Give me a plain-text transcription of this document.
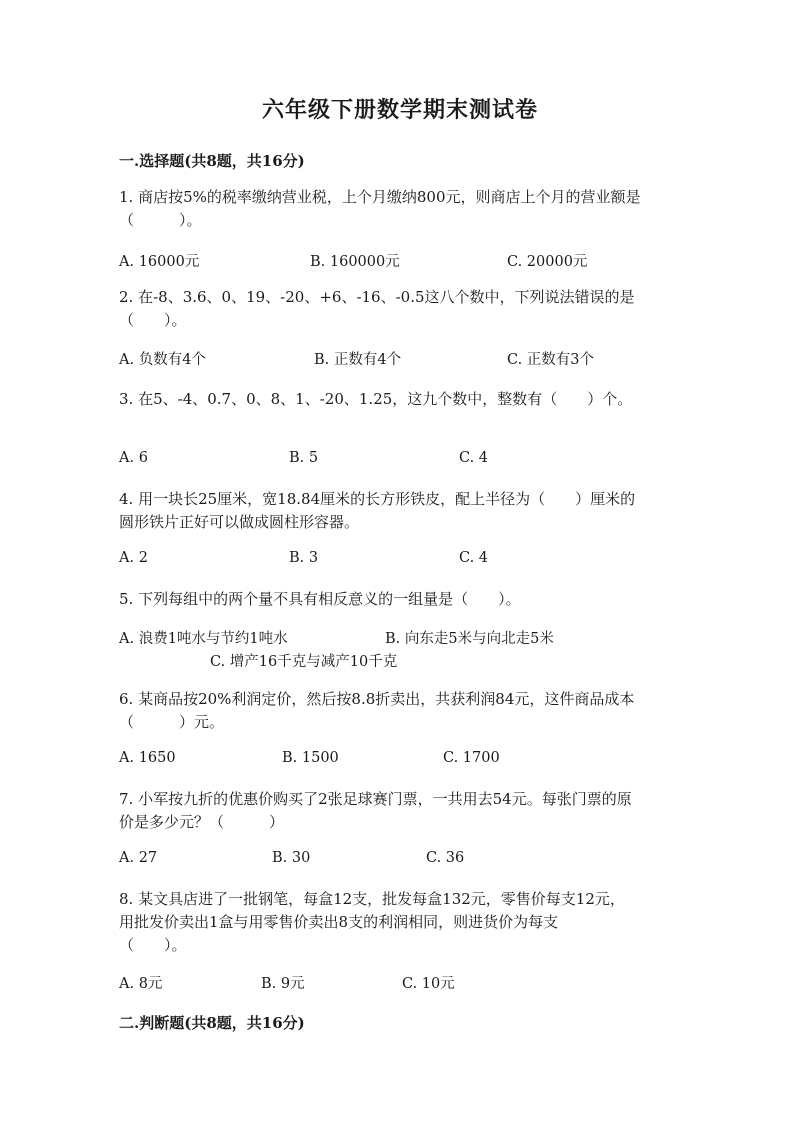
六年级下册数学期末测试卷
一.选择题(共8题，共16分)
1. 商店按5%的税率缴纳营业税，上个月缴纳800元，则商店上个月的营业额是
（　　　）。
A. 16000元	B. 160000元	C. 20000元
2. 在-8、3.6、0、19、-20、+6、-16、-0.5这八个数中，下列说法错误的是
（　　）。
A. 负数有4个	B. 正数有4个	C. 正数有3个
3. 在5、-4、0.7、0、8、1、-20、1.25，这九个数中，整数有（　　）个。
A. 6	B. 5	C. 4
4. 用一块长25厘米，宽18.84厘米的长方形铁皮，配上半径为（　　）厘米的
圆形铁片正好可以做成圆柱形容器。
A. 2	B. 3	C. 4
5. 下列每组中的两个量不具有相反意义的一组量是（　　）。
A. 浪费1吨水与节约1吨水	B. 向东走5米与向北走5米
C. 增产16千克与减产10千克
6. 某商品按20%利润定价，然后按8.8折卖出，共获利润84元，这件商品成本
（　　　）元。
A. 1650	B. 1500	C. 1700
7. 小军按九折的优惠价购买了2张足球赛门票，一共用去54元。每张门票的原
价是多少元？（　　　）
A. 27	B. 30	C. 36
8. 某文具店进了一批钢笔，每盒12支，批发每盒132元，零售价每支12元，
用批发价卖出1盒与用零售价卖出8支的利润相同，则进货价为每支
（　　）。
A. 8元	B. 9元	C. 10元
二.判断题(共8题，共16分)
